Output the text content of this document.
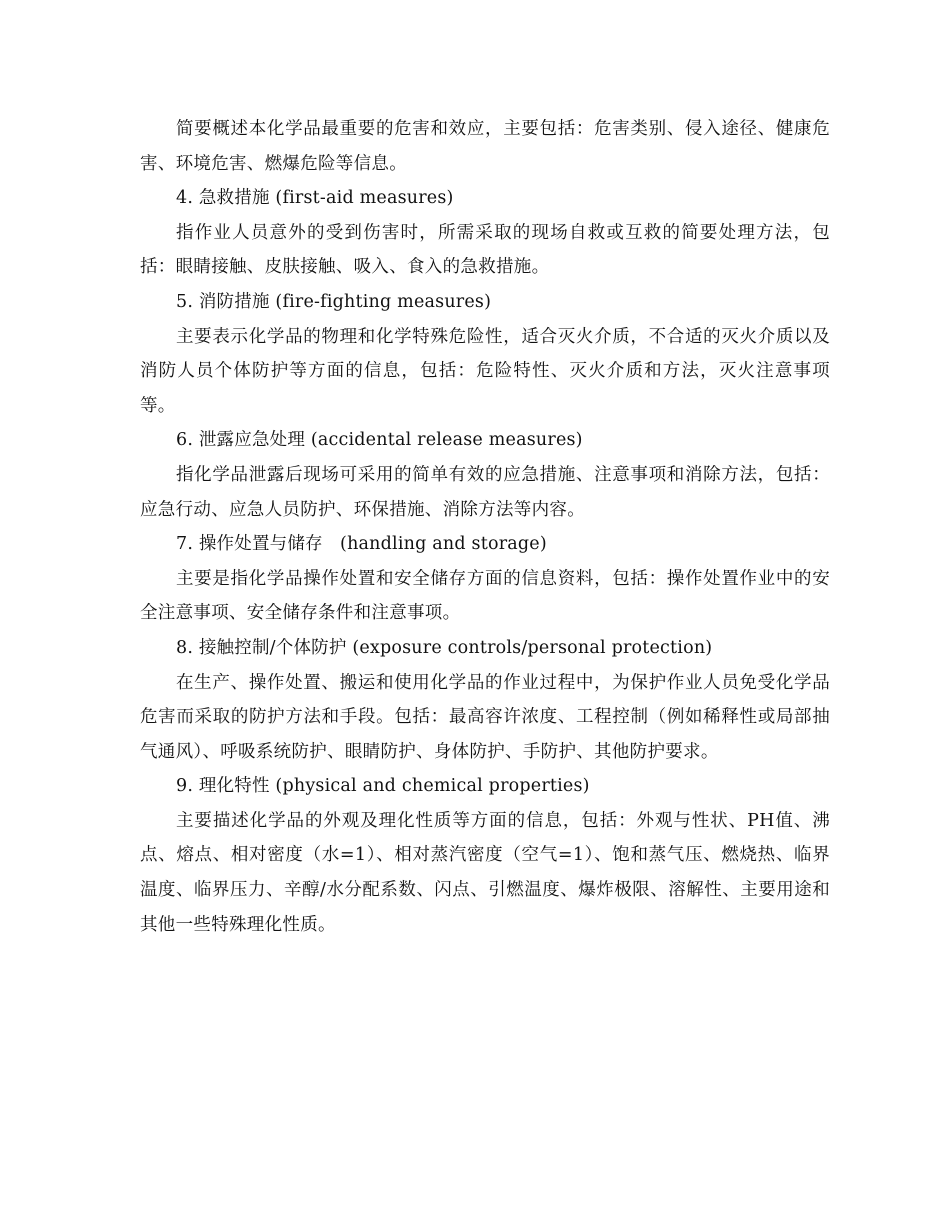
简要概述本化学品最重要的危害和效应，主要包括：危害类别、侵入途径、健康危害、环境危害、燃爆危险等信息。

4. 急救措施 (first-aid measures)

指作业人员意外的受到伤害时，所需采取的现场自救或互救的简要处理方法，包括：眼睛接触、皮肤接触、吸入、食入的急救措施。

5. 消防措施 (fire-fighting measures)

主要表示化学品的物理和化学特殊危险性，适合灭火介质，不合适的灭火介质以及消防人员个体防护等方面的信息，包括：危险特性、灭火介质和方法，灭火注意事项等。

6. 泄露应急处理 (accidental release measures)

指化学品泄露后现场可采用的简单有效的应急措施、注意事项和消除方法，包括：应急行动、应急人员防护、环保措施、消除方法等内容。

7. 操作处置与储存   (handling and storage)

主要是指化学品操作处置和安全储存方面的信息资料，包括：操作处置作业中的安全注意事项、安全储存条件和注意事项。

8. 接触控制/个体防护 (exposure controls/personal protection)

在生产、操作处置、搬运和使用化学品的作业过程中，为保护作业人员免受化学品危害而采取的防护方法和手段。包括：最高容许浓度、工程控制（例如稀释性或局部抽气通风）、呼吸系统防护、眼睛防护、身体防护、手防护、其他防护要求。

9. 理化特性 (physical and chemical properties)

主要描述化学品的外观及理化性质等方面的信息，包括：外观与性状、PH值、沸点、熔点、相对密度（水=1）、相对蒸汽密度（空气=1）、饱和蒸气压、燃烧热、临界温度、临界压力、辛醇/水分配系数、闪点、引燃温度、爆炸极限、溶解性、主要用途和其他一些特殊理化性质。
